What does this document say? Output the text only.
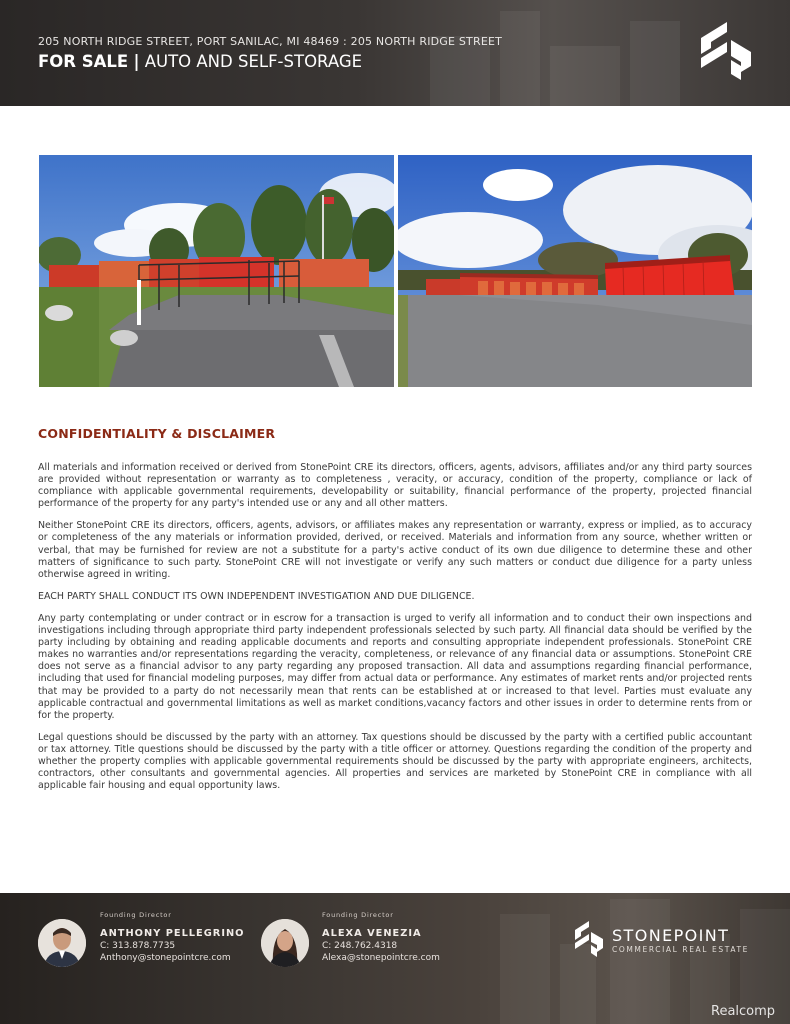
205 NORTH RIDGE STREET, PORT SANILAC, MI 48469 : 205 NORTH RIDGE STREET
FOR SALE | AUTO AND SELF-STORAGE
CONFIDENTIALITY & DISCLAIMER

All materials and information received or derived from StonePoint CRE its directors, officers, agents, advisors, affiliates and/or any third party sources are provided without representation or warranty as to completeness , veracity, or accuracy, condition of the property, compliance or lack of compliance with applicable governmental requirements, developability or suitability, financial performance of the property, projected financial performance of the property for any party's intended use or any and all other matters.

Neither StonePoint CRE its directors, officers, agents, advisors, or affiliates makes any representation or warranty, express or implied, as to accuracy or completeness of the any materials or information provided, derived, or received. Materials and information from any source, whether written or verbal, that may be furnished for review are not a substitute for a party's active conduct of its own due diligence to determine these and other matters of significance to such party. StonePoint CRE will not investigate or verify any such matters or conduct due diligence for a party unless otherwise agreed in writing.

EACH PARTY SHALL CONDUCT ITS OWN INDEPENDENT INVESTIGATION AND DUE DILIGENCE.

Any party contemplating or under contract or in escrow for a transaction is urged to verify all information and to conduct their own inspections and investigations including through appropriate third party independent professionals selected by such party. All financial data should be verified by the party including by obtaining and reading applicable documents and reports and consulting appropriate independent professionals. StonePoint CRE makes no warranties and/or representations regarding the veracity, completeness, or relevance of any financial data or assumptions. StonePoint CRE does not serve as a financial advisor to any party regarding any proposed transaction. All data and assumptions regarding financial performance, including that used for financial modeling purposes, may differ from actual data or performance. Any estimates of market rents and/or projected rents that may be provided to a party do not necessarily mean that rents can be established at or increased to that level. Parties must evaluate any applicable contractual and governmental limitations as well as market conditions,vacancy factors and other issues in order to determine rents from or for the property.

Legal questions should be discussed by the party with an attorney. Tax questions should be discussed by the party with a certified public accountant or tax attorney. Title questions should be discussed by the party with a title officer or attorney. Questions regarding the condition of the property and whether the property complies with applicable governmental requirements should be discussed by the party with appropriate engineers, architects, contractors, other consultants and governmental agencies. All properties and services are marketed by StonePoint CRE in compliance with all applicable fair housing and equal opportunity laws.

Founding Director
ANTHONY PELLEGRINO
C: 313.878.7735
Anthony@stonepointcre.com
Founding Director
ALEXA VENEZIA
C: 248.762.4318
Alexa@stonepointcre.com
STONEPOINT
COMMERCIAL REAL ESTATE
Realcomp
